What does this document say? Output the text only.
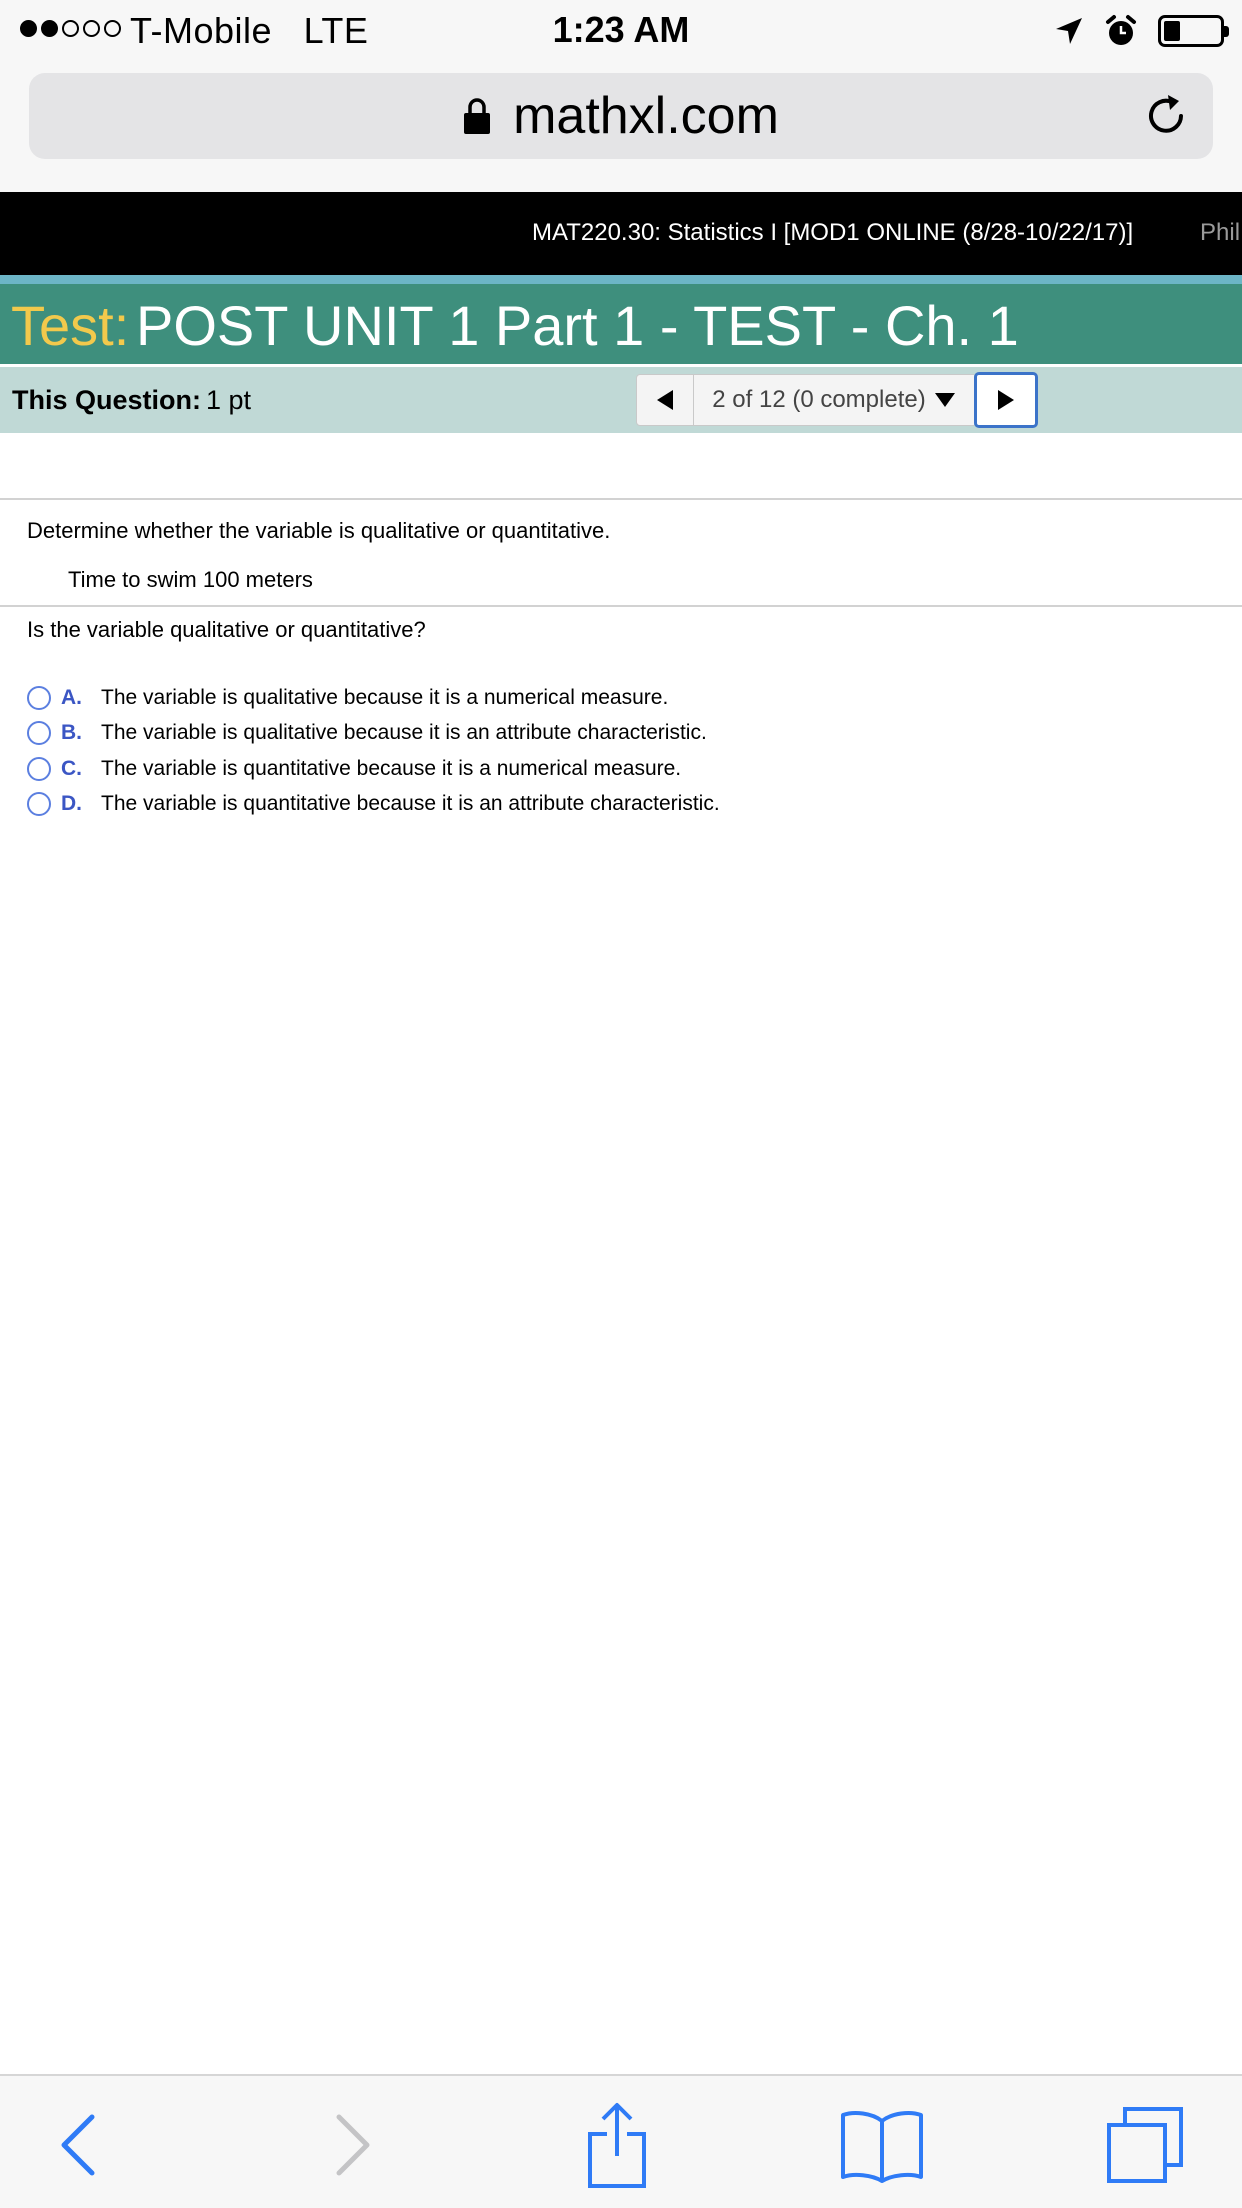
T-Mobile LTE	1:23 AM
mathxl.com
MAT220.30: Statistics I [MOD1 ONLINE (8/28-10/22/17)]	Phil
Test: POST UNIT 1 Part 1 - TEST - Ch. 1
This Question: 1 pt	2 of 12 (0 complete)
Determine whether the variable is qualitative or quantitative.
Time to swim 100 meters
Is the variable qualitative or quantitative?
A. The variable is qualitative because it is a numerical measure.
B. The variable is qualitative because it is an attribute characteristic.
C. The variable is quantitative because it is a numerical measure.
D. The variable is quantitative because it is an attribute characteristic.
